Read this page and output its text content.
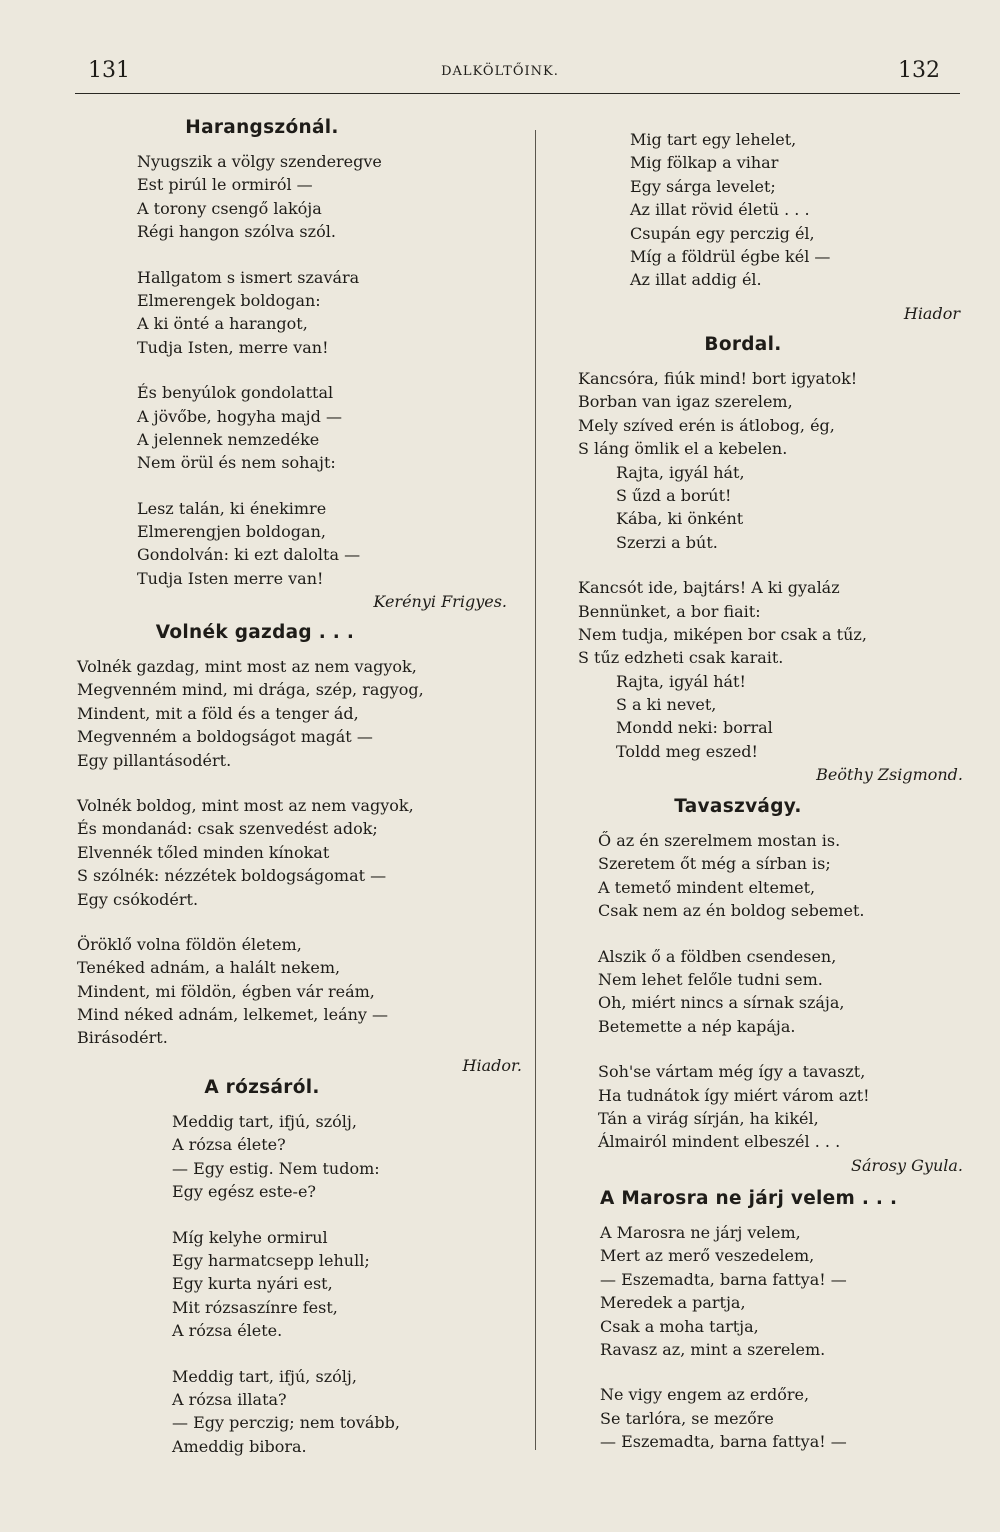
131	DALKÖLTŐINK.	132
Harangszónál.
Nyugszik a völgy szenderegve
Est pirúl le ormiról —
A torony csengő lakója
Régi hangon szólva szól.
Hallgatom s ismert szavára
Elmerengek boldogan:
A ki önté a harangot,
Tudja Isten, merre van!
És benyúlok gondolattal
A jövőbe, hogyha majd —
A jelennek nemzedéke
Nem örül és nem sohajt:
Lesz talán, ki énekimre
Elmerengjen boldogan,
Gondolván: ki ezt dalolta —
Tudja Isten merre van!
Kerényi Frigyes.
Volnék gazdag . . .
Volnék gazdag, mint most az nem vagyok,
Megvenném mind, mi drága, szép, ragyog,
Mindent, mit a föld és a tenger ád,
Megvenném a boldogságot magát —
Egy pillantásodért.
Volnék boldog, mint most az nem vagyok,
És mondanád: csak szenvedést adok;
Elvennék tőled minden kínokat
S szólnék: nézzétek boldogságomat —
Egy csókodért.
Öröklő volna földön életem,
Tenéked adnám, a halált nekem,
Mindent, mi földön, égben vár reám,
Mind néked adnám, lelkemet, leány —
Birásodért.
Hiador.
A rózsáról.
Meddig tart, ifjú, szólj,
A rózsa élete?
— Egy estig. Nem tudom:
Egy egész este-e?
Míg kelyhe ormirul
Egy harmatcsepp lehull;
Egy kurta nyári est,
Mit rózsaszínre fest,
A rózsa élete.
Meddig tart, ifjú, szólj,
A rózsa illata?
— Egy perczig; nem tovább,
Ameddig bibora.
Mig tart egy lehelet,
Mig fölkap a vihar
Egy sárga levelet;
Az illat rövid életü . . .
Csupán egy perczig él,
Míg a földrül égbe kél —
Az illat addig él.
Hiador
Bordal.
Kancsóra, fiúk mind! bort igyatok!
Borban van igaz szerelem,
Mely szíved erén is átlobog, ég,
S láng ömlik el a kebelen.
Rajta, igyál hát,
S űzd a borút!
Kába, ki önként
Szerzi a bút.
Kancsót ide, bajtárs! A ki gyaláz
Bennünket, a bor fiait:
Nem tudja, miképen bor csak a tűz,
S tűz edzheti csak karait.
Rajta, igyál hát!
S a ki nevet,
Mondd neki: borral
Toldd meg eszed!
Beöthy Zsigmond.
Tavaszvágy.
Ő az én szerelmem mostan is.
Szeretem őt még a sírban is;
A temető mindent eltemet,
Csak nem az én boldog sebemet.
Alszik ő a földben csendesen,
Nem lehet felőle tudni sem.
Oh, miért nincs a sírnak szája,
Betemette a nép kapája.
Soh'se vártam még így a tavaszt,
Ha tudnátok így miért várom azt!
Tán a virág sírján, ha kikél,
Álmairól mindent elbeszél . . .
Sárosy Gyula.
A Marosra ne járj velem . . .
A Marosra ne járj velem,
Mert az merő veszedelem,
— Eszemadta, barna fattya! —
Meredek a partja,
Csak a moha tartja,
Ravasz az, mint a szerelem.
Ne vigy engem az erdőre,
Se tarlóra, se mezőre
— Eszemadta, barna fattya! —
